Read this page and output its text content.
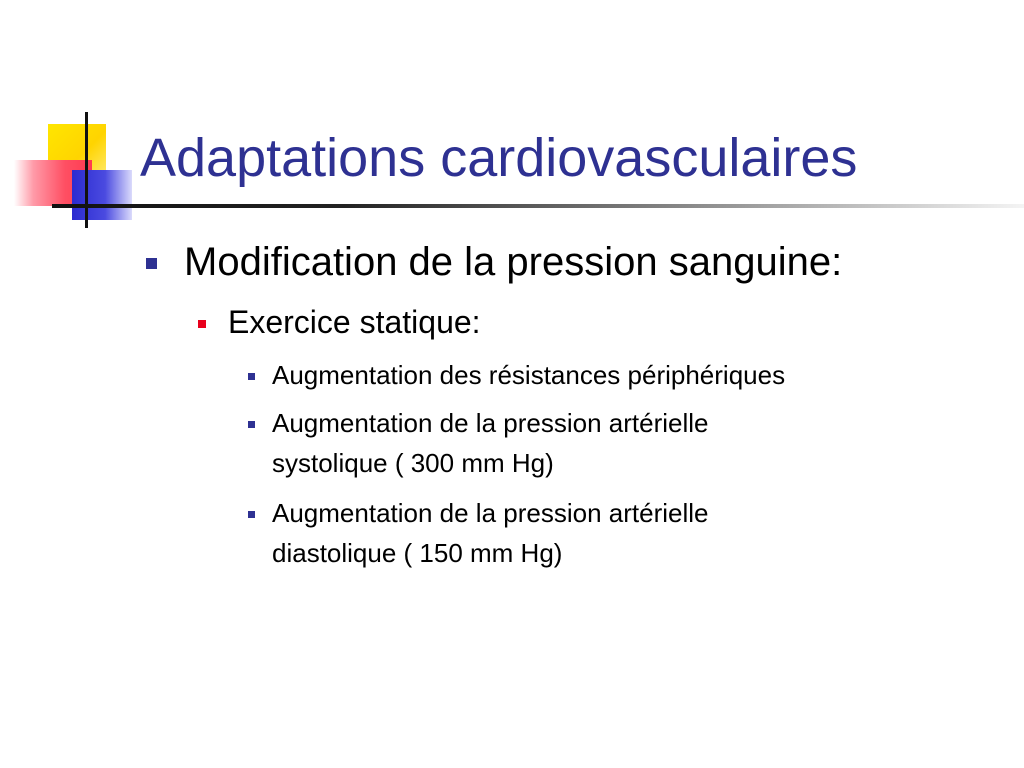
Adaptations cardiovasculaires
Modification de la pression sanguine:
Exercice statique:
Augmentation des résistances périphériques
Augmentation de la pression artérielle
systolique ( 300 mm Hg)
Augmentation de la pression artérielle
diastolique ( 150 mm Hg)
